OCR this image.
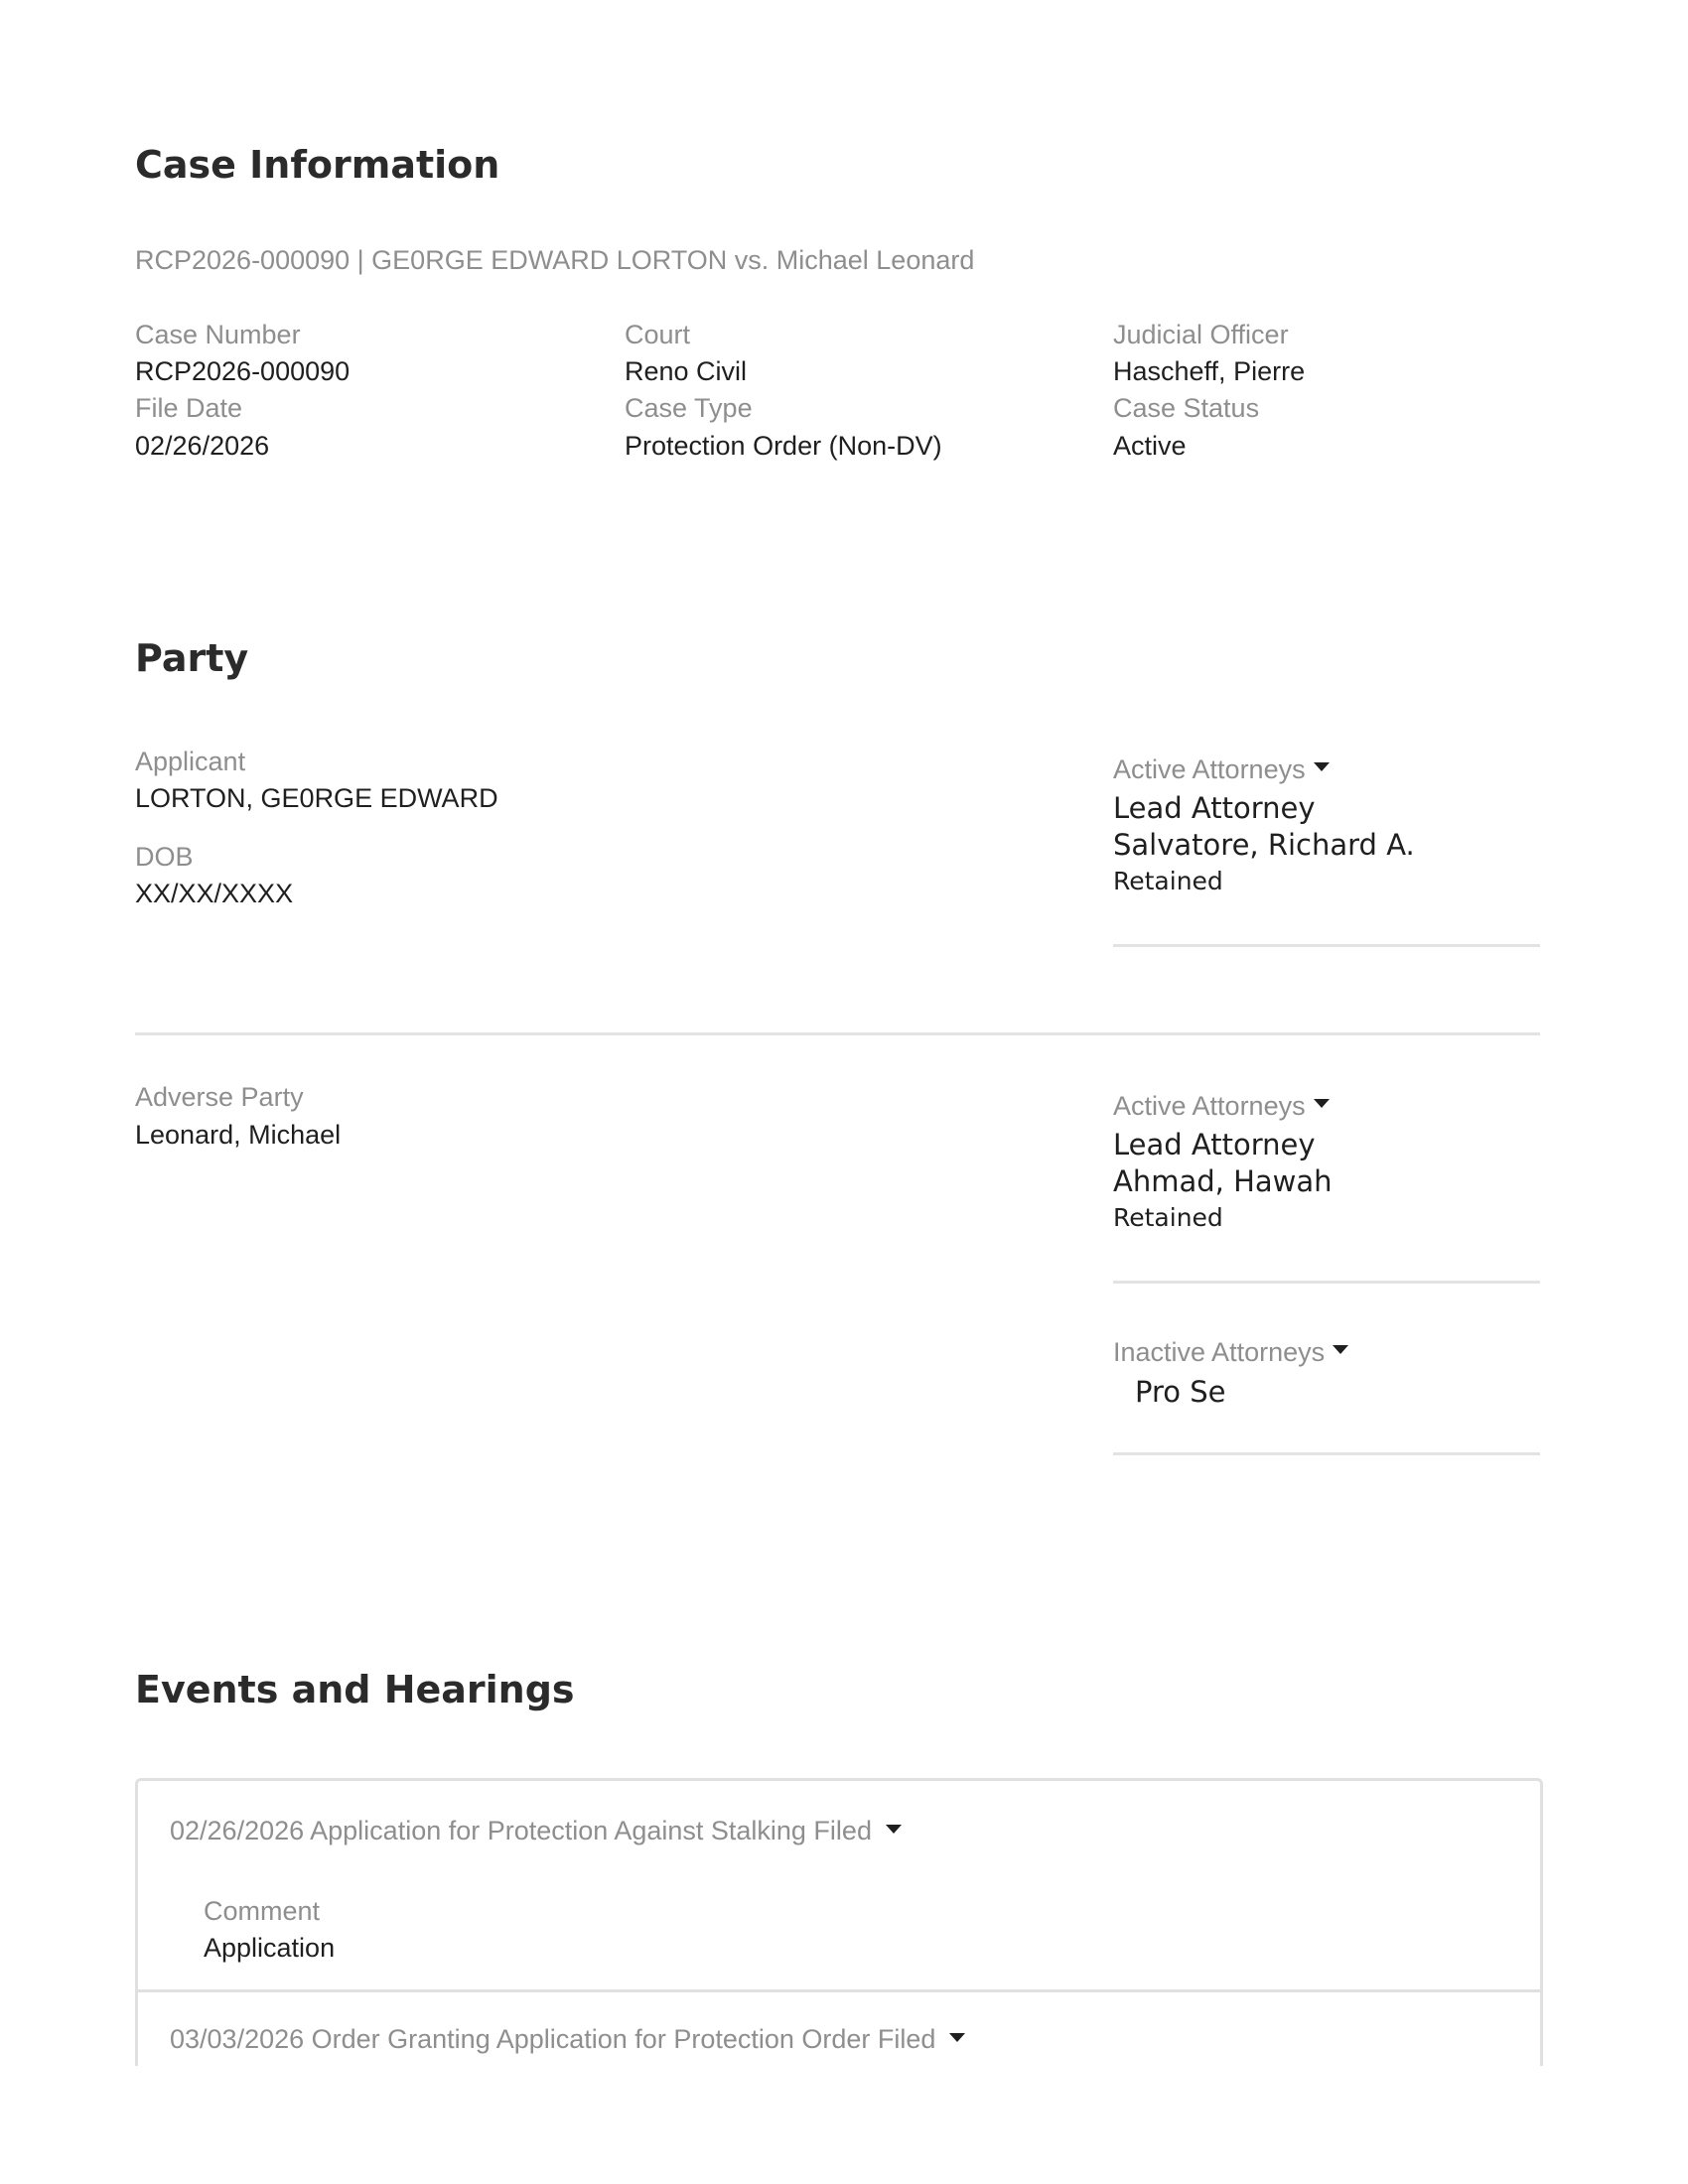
Case Information
RCP2026-000090 | GE0RGE EDWARD LORTON vs. Michael Leonard
Case Number
RCP2026-000090
File Date
02/26/2026
Court
Reno Civil
Case Type
Protection Order (Non-DV)
Judicial Officer
Hascheff, Pierre
Case Status
Active
Party
Applicant
LORTON, GE0RGE EDWARD
DOB
XX/XX/XXXX
Active Attorneys
Lead Attorney
Salvatore, Richard A.
Retained
Adverse Party
Leonard, Michael
Active Attorneys
Lead Attorney
Ahmad, Hawah
Retained
Inactive Attorneys
Pro Se
Events and Hearings
02/26/2026 Application for Protection Against Stalking Filed
Comment
Application
03/03/2026 Order Granting Application for Protection Order Filed
